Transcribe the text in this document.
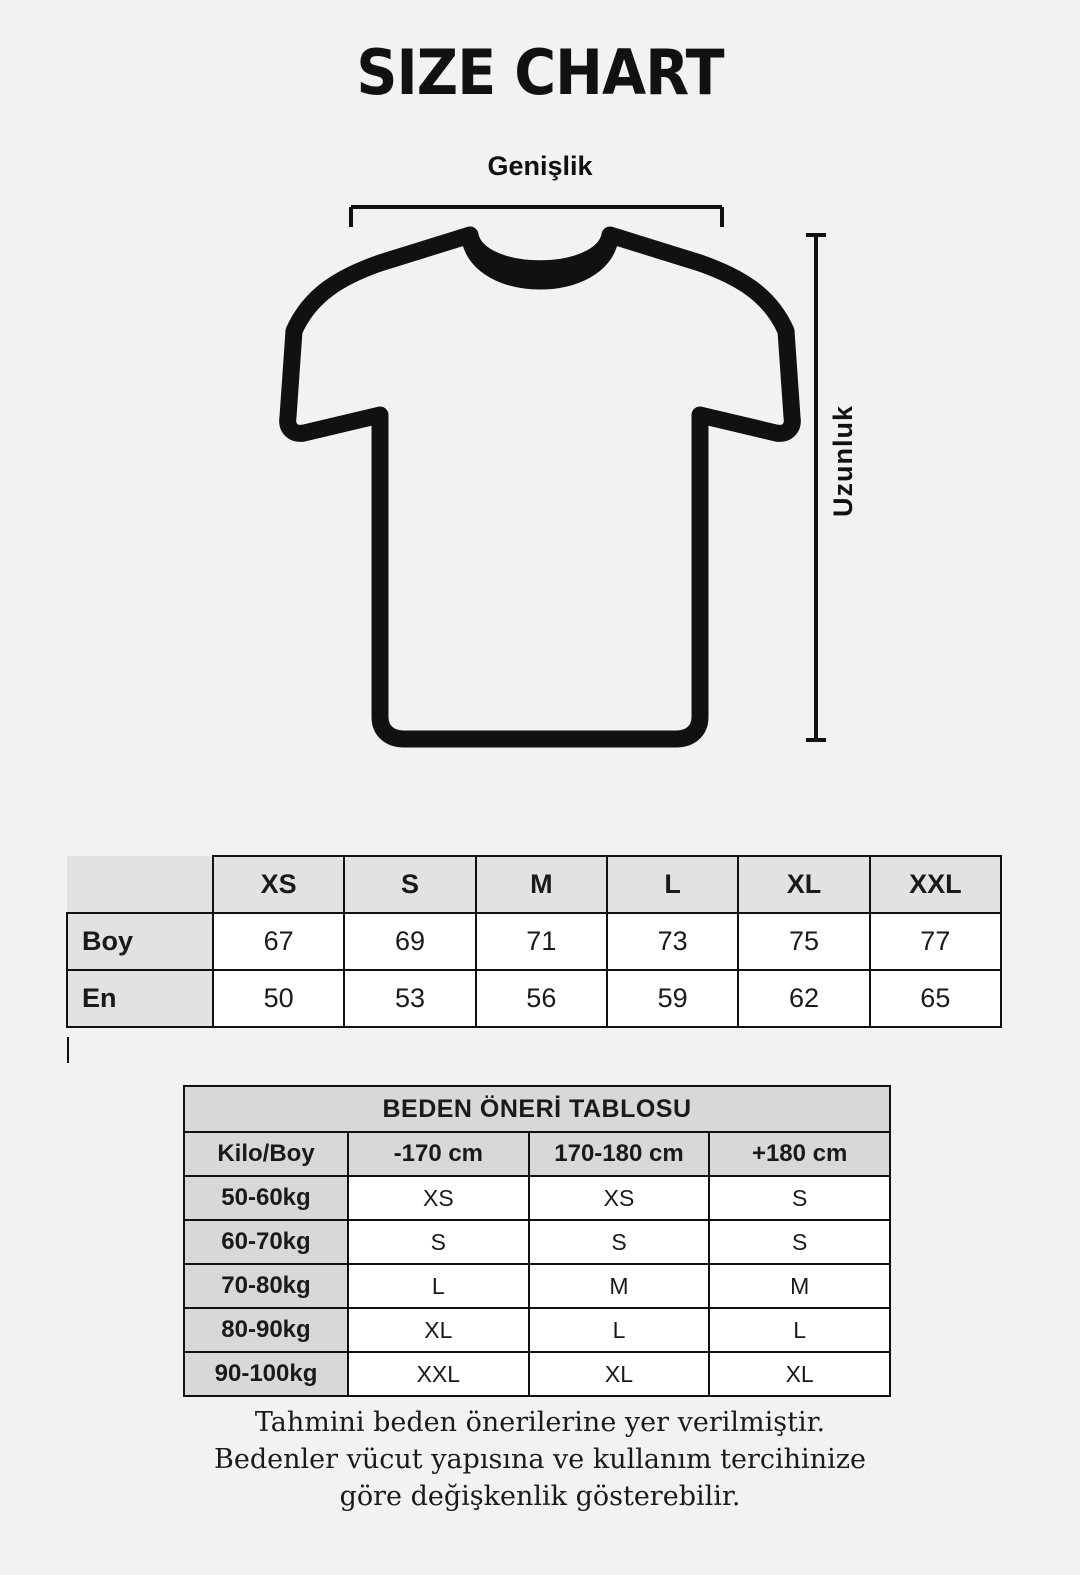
SIZE CHART
Genişlik
Uzunluk
	XS	S	M	L	XL	XXL
Boy	67	69	71	73	75	77
En	50	53	56	59	62	65
BEDEN ÖNERİ TABLOSU			
Kilo/Boy	-170 cm	170-180 cm	+180 cm
50-60kg	XS	XS	S
60-70kg	S	S	S
70-80kg	L	M	M
80-90kg	XL	L	L
90-100kg	XXL	XL	XL
Tahmini beden önerilerine yer verilmiştir.
Bedenler vücut yapısına ve kullanım tercihinize
göre değişkenlik gösterebilir.
